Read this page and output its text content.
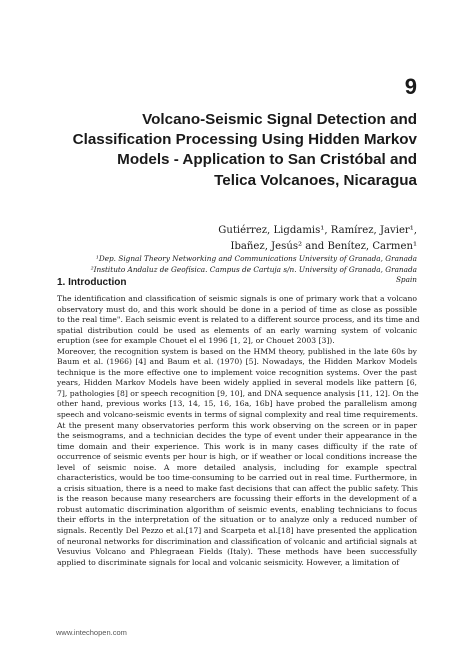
9
Volcano-Seismic Signal Detection and
Classification Processing Using Hidden Markov
Models - Application to San Cristóbal and
Telica Volcanoes, Nicaragua
Gutiérrez, Ligdamis¹, Ramírez, Javier¹,
Ibañez, Jesús² and Benítez, Carmen¹
¹Dep. Signal Theory Networking and Communications University of Granada, Granada
²Instituto Andaluz de Geofísica. Campus de Cartuja s/n. University of Granada, Granada
Spain
1. Introduction
The identification and classification of seismic signals is one of primary work that a volcano
observatory must do, and this work should be done in a period of time as close as possible
to the real time". Each seismic event is related to a different source process, and its time and
spatial distribution could be used as elements of an early warning system of volcanic
eruption (see for example Chouet el el 1996 [1, 2], or Chouet 2003 [3]).
Moreover, the recognition system is based on the HMM theory, published in the late 60s by
Baum et al. (1966) [4] and Baum et al. (1970) [5]. Nowadays, the Hidden Markov Models
technique is the more effective one to implement voice recognition systems. Over the past
years, Hidden Markov Models have been widely applied in several models like pattern [6,
7], pathologies [8] or speech recognition [9, 10], and DNA sequence analysis [11, 12]. On the
other hand, previous works [13, 14, 15, 16, 16a, 16b] have probed the parallelism among
speech and volcano-seismic events in terms of signal complexity and real time requirements.
At the present many observatories perform this work observing on the screen or in paper
the seismograms, and a technician decides the type of event under their appearance in the
time domain and their experience. This work is in many cases difficulty if the rate of
occurrence of seismic events per hour is high, or if weather or local conditions increase the
level of seismic noise. A more detailed analysis, including for example spectral
characteristics, would be too time-consuming to be carried out in real time. Furthermore, in
a crisis situation, there is a need to make fast decisions that can affect the public safety. This
is the reason because many researchers are focussing their efforts in the development of a
robust automatic discrimination algorithm of seismic events, enabling technicians to focus
their efforts in the interpretation of the situation or to analyze only a reduced number of
signals. Recently Del Pezzo et al.[17] and Scarpeta et al.[18] have presented the application
of neuronal networks for discrimination and classification of volcanic and artificial signals at
Vesuvius Volcano and Phlegraean Fields (Italy). These methods have been successfully
applied to discriminate signals for local and volcanic seismicity. However, a limitation of
www.intechopen.com
